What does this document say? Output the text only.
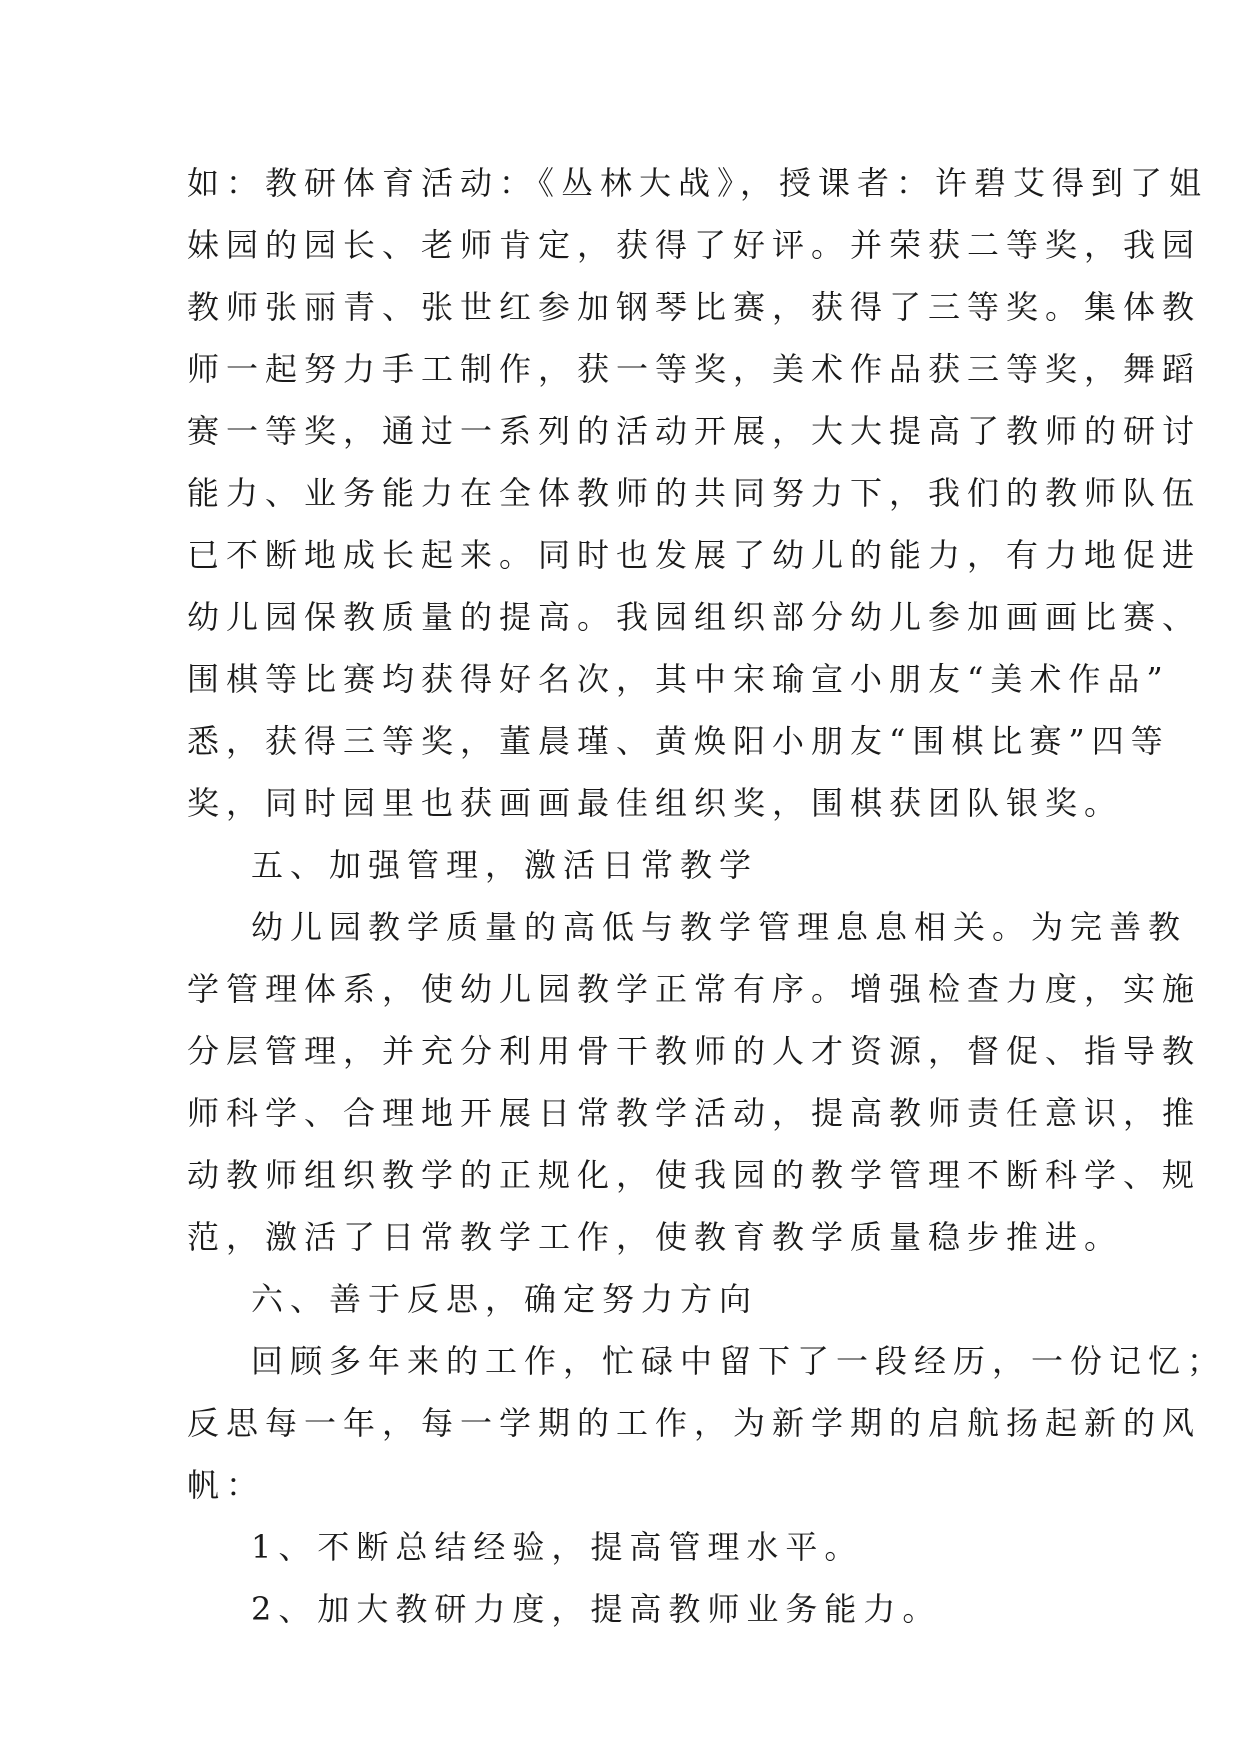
如：教研体育活动：《丛林大战》，授课者：许碧艾得到了姐
妹园的园长、老师肯定，获得了好评。并荣获二等奖，我园
教师张丽青、张世红参加钢琴比赛，获得了三等奖。集体教
师一起努力手工制作，获一等奖，美术作品获三等奖，舞蹈
赛一等奖，通过一系列的活动开展，大大提高了教师的研讨
能力、业务能力在全体教师的共同努力下，我们的教师队伍
已不断地成长起来。同时也发展了幼儿的能力，有力地促进
幼儿园保教质量的提高。我园组织部分幼儿参加画画比赛、
围棋等比赛均获得好名次，其中宋瑜宣小朋友“美术作品”
悉，获得三等奖，董晨瑾、黄焕阳小朋友“围棋比赛”四等
奖，同时园里也获画画最佳组织奖，围棋获团队银奖。
五、加强管理，激活日常教学
幼儿园教学质量的高低与教学管理息息相关。为完善教
学管理体系，使幼儿园教学正常有序。增强检查力度，实施
分层管理，并充分利用骨干教师的人才资源，督促、指导教
师科学、合理地开展日常教学活动，提高教师责任意识，推
动教师组织教学的正规化，使我园的教学管理不断科学、规
范，激活了日常教学工作，使教育教学质量稳步推进。
六、善于反思，确定努力方向
回顾多年来的工作，忙碌中留下了一段经历，一份记忆；
反思每一年，每一学期的工作，为新学期的启航扬起新的风
帆：
1、不断总结经验，提高管理水平。
2、加大教研力度，提高教师业务能力。
